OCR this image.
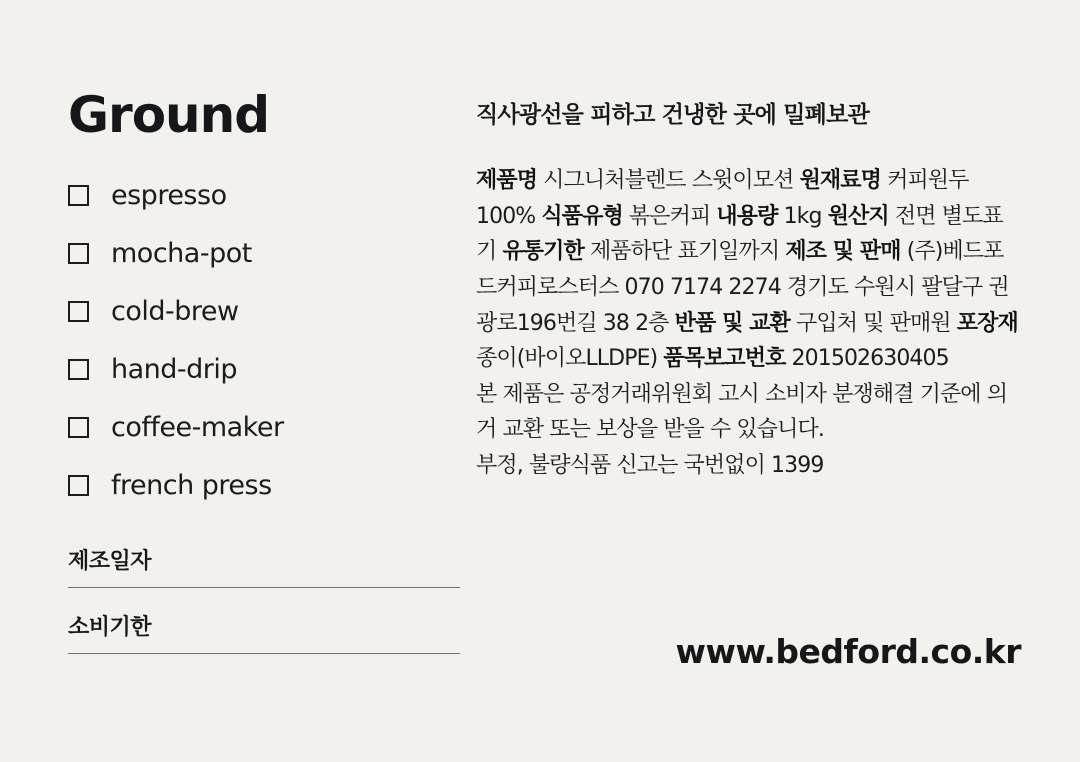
Ground
espresso
mocha-pot
cold-brew
hand-drip
coffee-maker
french press
제조일자
소비기한
직사광선을 피하고 건냉한 곳에 밀폐보관

제품명 시그니처블렌드 스윗이모션 원재료명 커피원두100% 식품유형 볶은커피 내용량 1kg 원산지 전면 별도표기 유통기한 제품하단 표기일까지 제조 및 판매 (주)베드포드커피로스터스 070 7174 2274 경기도 수원시 팔달구 권광로196번길 38 2층 반품 및 교환 구입처 및 판매원 포장재 종이(바이오LLDPE) 품목보고번호 201502630405

본 제품은 공정거래위원회 고시 소비자 분쟁해결 기준에 의거 교환 또는 보상을 받을 수 있습니다.

부정, 불량식품 신고는 국번없이 1399

www.bedford.co.kr
